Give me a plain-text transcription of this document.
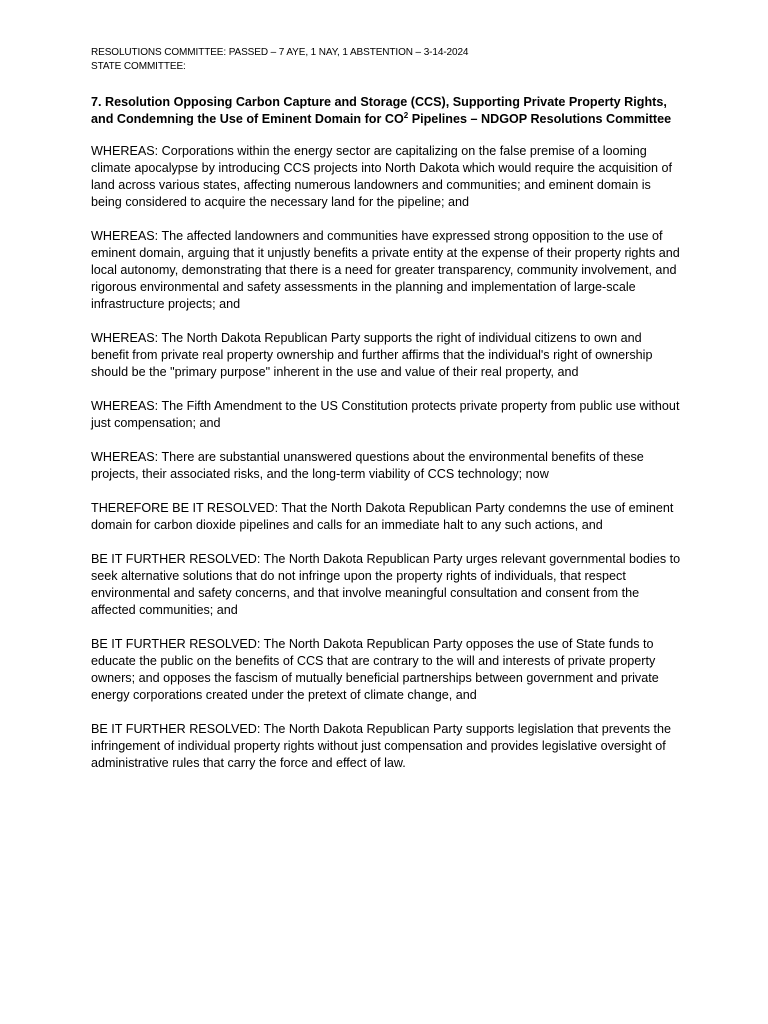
RESOLUTIONS COMMITTEE: PASSED – 7 AYE, 1 NAY, 1 ABSTENTION – 3-14-2024
STATE COMMITTEE:

7. Resolution Opposing Carbon Capture and Storage (CCS), Supporting Private Property Rights, and Condemning the Use of Eminent Domain for $CO^2$ Pipelines – NDGOP Resolutions Committee

WHEREAS: Corporations within the energy sector are capitalizing on the false premise of a looming climate apocalypse by introducing CCS projects into North Dakota which would require the acquisition of land across various states, affecting numerous landowners and communities; and eminent domain is being considered to acquire the necessary land for the pipeline; and

WHEREAS: The affected landowners and communities have expressed strong opposition to the use of eminent domain, arguing that it unjustly benefits a private entity at the expense of their property rights and local autonomy, demonstrating that there is a need for greater transparency, community involvement, and rigorous environmental and safety assessments in the planning and implementation of large-scale infrastructure projects; and

WHEREAS: The North Dakota Republican Party supports the right of individual citizens to own and benefit from private real property ownership and further affirms that the individual's right of ownership should be the "primary purpose" inherent in the use and value of their real property, and

WHEREAS: The Fifth Amendment to the US Constitution protects private property from public use without just compensation; and

WHEREAS: There are substantial unanswered questions about the environmental benefits of these projects, their associated risks, and the long-term viability of CCS technology; now

THEREFORE BE IT RESOLVED: That the North Dakota Republican Party condemns the use of eminent domain for carbon dioxide pipelines and calls for an immediate halt to any such actions, and

BE IT FURTHER RESOLVED: The North Dakota Republican Party urges relevant governmental bodies to seek alternative solutions that do not infringe upon the property rights of individuals, that respect environmental and safety concerns, and that involve meaningful consultation and consent from the affected communities; and

BE IT FURTHER RESOLVED: The North Dakota Republican Party opposes the use of State funds to educate the public on the benefits of CCS that are contrary to the will and interests of private property owners; and opposes the fascism of mutually beneficial partnerships between government and private energy corporations created under the pretext of climate change, and

BE IT FURTHER RESOLVED: The North Dakota Republican Party supports legislation that prevents the infringement of individual property rights without just compensation and provides legislative oversight of administrative rules that carry the force and effect of law.
